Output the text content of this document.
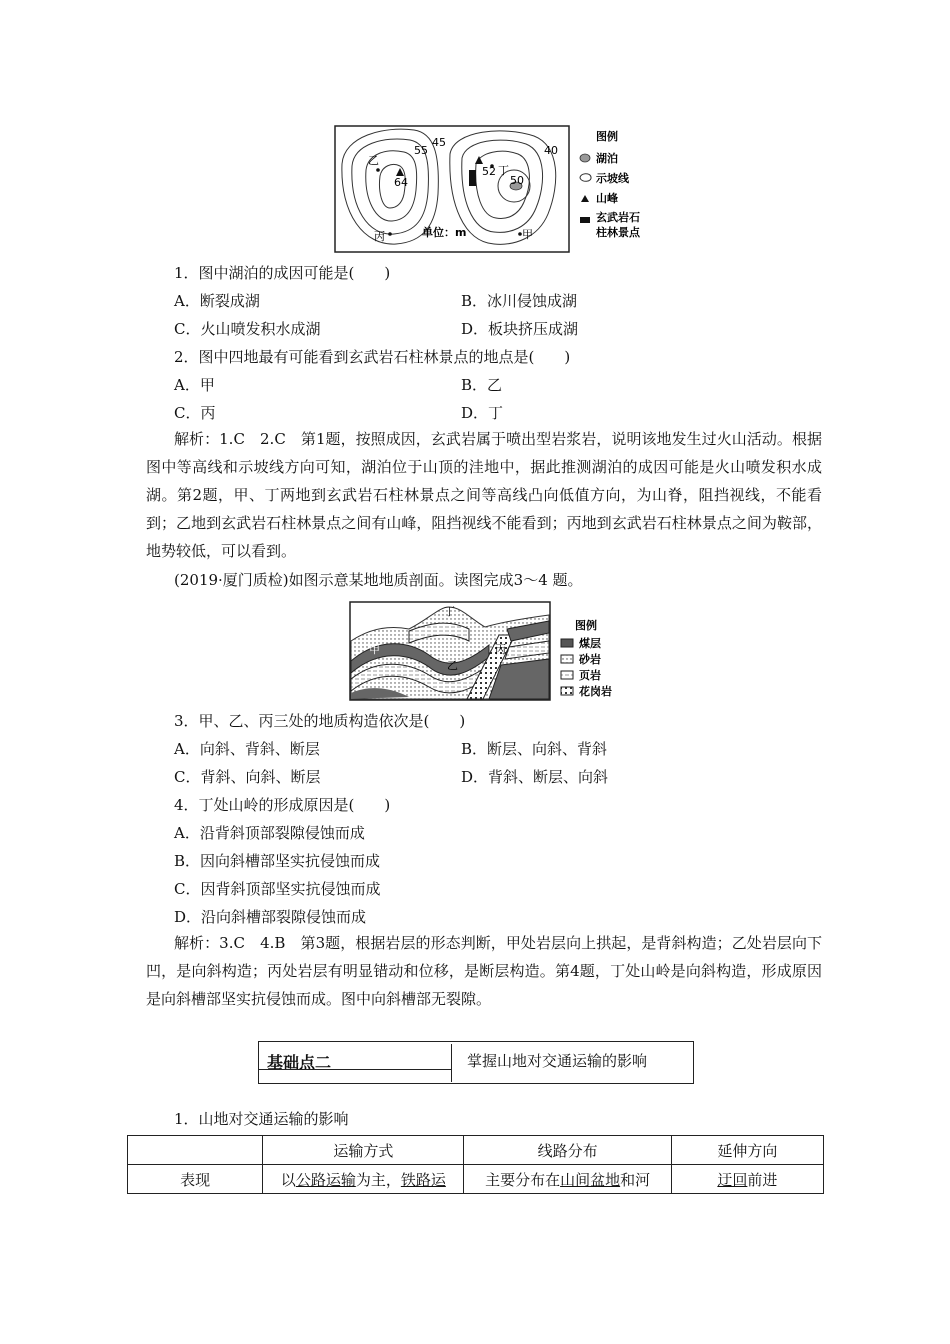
55
45
64
52
40
50
乙
丁
丙	甲
单位：m
图例
湖泊
示坡线
山峰
玄武岩石
柱林景点
1．图中湖泊的成因可能是(　　)
A．断裂成湖	B．冰川侵蚀成湖
C．火山喷发积水成湖	D．板块挤压成湖
2．图中四地最有可能看到玄武岩石柱林景点的地点是(　　)
A．甲	B．乙
C．丙	D．丁
解析：1.C　2.C　第1题，按照成因，玄武岩属于喷出型岩浆岩，说明该地发生过火山活动。根据图中等高线和示坡线方向可知，湖泊位于山顶的洼地中，据此推测湖泊的成因可能是火山喷发积水成湖。第2题，甲、丁两地到玄武岩石柱林景点之间等高线凸向低值方向，为山脊，阻挡视线，不能看到；乙地到玄武岩石柱林景点之间有山峰，阻挡视线不能看到；丙地到玄武岩石柱林景点之间为鞍部，地势较低，可以看到。
(2019·厦门质检)如图示意某地地质剖面。读图完成3～4 题。
丁
甲
乙
丙
图例
煤层
砂岩
页岩
花岗岩
3．甲、乙、丙三处的地质构造依次是(　　)
A．向斜、背斜、断层	B．断层、向斜、背斜
C．背斜、向斜、断层	D．背斜、断层、向斜
4．丁处山岭的形成原因是(　　)
A．沿背斜顶部裂隙侵蚀而成
B．因向斜槽部坚实抗侵蚀而成
C．因背斜顶部坚实抗侵蚀而成
D．沿向斜槽部裂隙侵蚀而成
解析：3.C　4.B　第3题，根据岩层的形态判断，甲处岩层向上拱起，是背斜构造；乙处岩层向下凹，是向斜构造；丙处岩层有明显错动和位移，是断层构造。第4题，丁处山岭是向斜构造，形成原因是向斜槽部坚实抗侵蚀而成。图中向斜槽部无裂隙。
基础点二	掌握山地对交通运输的影响
1．山地对交通运输的影响
	运输方式	线路分布	延伸方向
表现	以公路运输为主，铁路运	主要分布在山间盆地和河	迂回前进
